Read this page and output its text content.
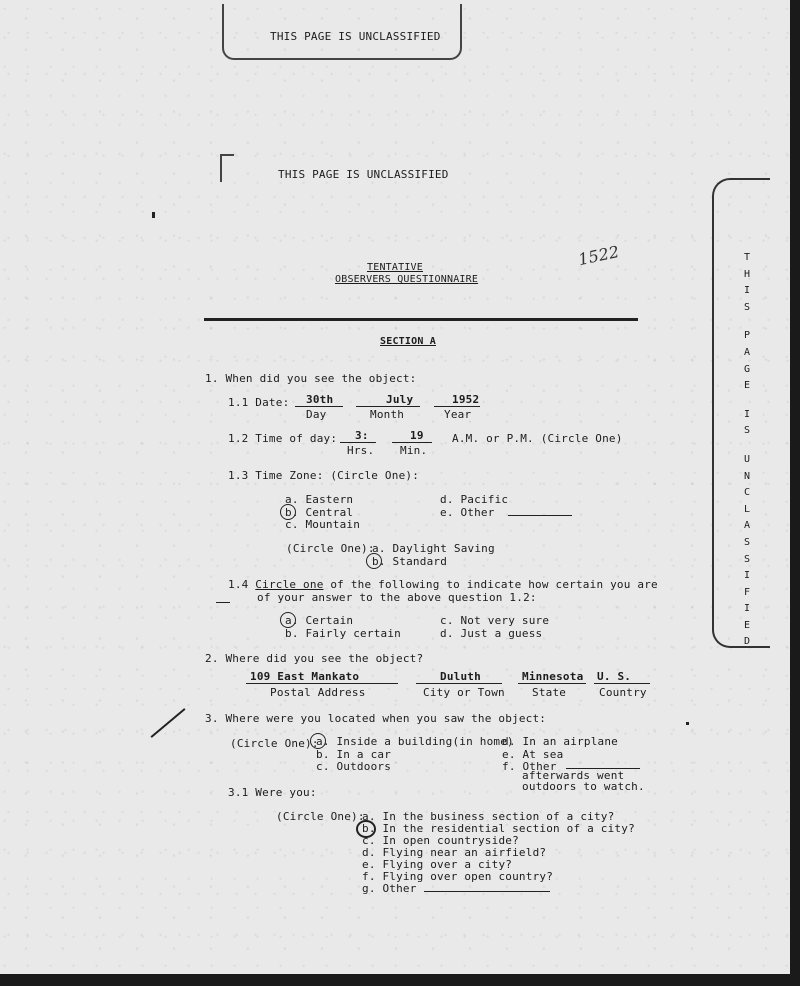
THIS PAGE IS UNCLASSIFIED
THIS PAGE IS UNCLASSIFIED
T
H
I
S
P
A
G
E
I
S
U
N
C
L
A
S
S
I
F
I
E
D
1522
TENTATIVE
OBSERVERS QUESTIONNAIRE
SECTION A
1. When did you see the object:
1.1 Date: 30th
Day
July
Month
1952
Year
1.2 Time of day: 3:
Hrs.
19
Min.
A.M. or P.M. (Circle One)
1.3 Time Zone: (Circle One):
a. Eastern
b. Central
c. Mountain
d. Pacific
e. Other
(Circle One):
a. Daylight Saving
b. Standard
1.4 Circle one of the following to indicate how certain you are
of your answer to the above question 1.2:
a. Certain
b. Fairly certain
c. Not very sure
d. Just a guess
2. Where did you see the object?
109 East Mankato
Postal Address
Duluth
City or Town
Minnesota
State
U. S.
Country
3. Where were you located when you saw the object:
(Circle One):
a. Inside a building(in home)
b. In a car
c. Outdoors
d. In an airplane
e. At sea
f. Other
afterwards went
outdoors to watch.
3.1 Were you:
(Circle One):
a. In the business section of a city?
b. In the residential section of a city?
c. In open countryside?
d. Flying near an airfield?
e. Flying over a city?
f. Flying over open country?
g. Other
